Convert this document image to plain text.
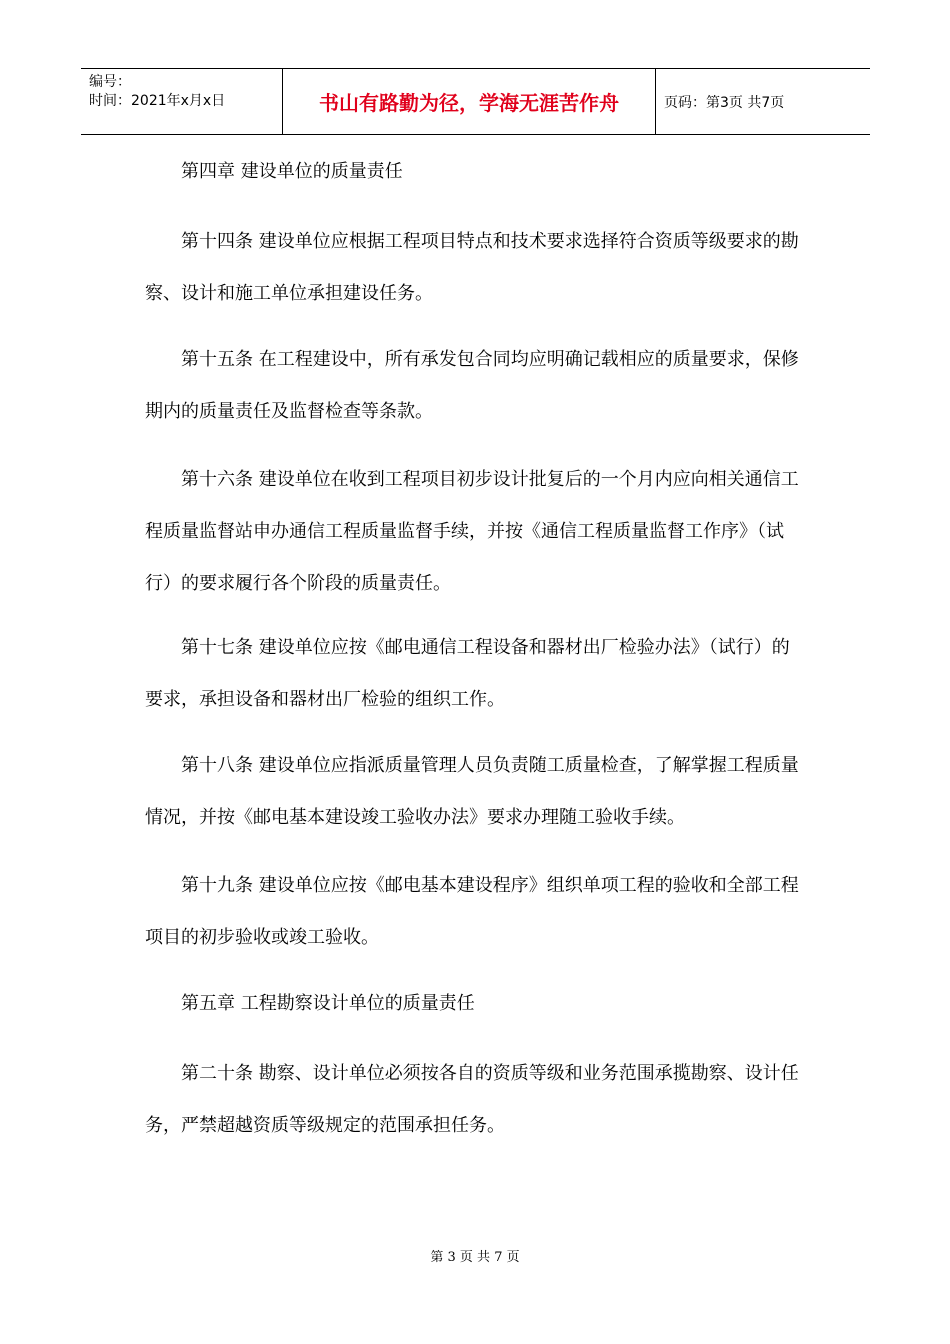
编号：
时间：2021年x月x日	书山有路勤为径，学海无涯苦作舟	页码：第3页 共7页

第四章 建设单位的质量责任

第十四条 建设单位应根据工程项目特点和技术要求选择符合资质等级要求的勘察、设计和施工单位承担建设任务。

第十五条 在工程建设中，所有承发包合同均应明确记载相应的质量要求，保修期内的质量责任及监督检查等条款。

第十六条 建设单位在收到工程项目初步设计批复后的一个月内应向相关通信工程质量监督站申办通信工程质量监督手续，并按《通信工程质量监督工作序》（试行）的要求履行各个阶段的质量责任。

第十七条 建设单位应按《邮电通信工程设备和器材出厂检验办法》（试行）的要求，承担设备和器材出厂检验的组织工作。

第十八条 建设单位应指派质量管理人员负责随工质量检查，了解掌握工程质量情况，并按《邮电基本建设竣工验收办法》要求办理随工验收手续。

第十九条 建设单位应按《邮电基本建设程序》组织单项工程的验收和全部工程项目的初步验收或竣工验收。

第五章 工程勘察设计单位的质量责任

第二十条 勘察、设计单位必须按各自的资质等级和业务范围承揽勘察、设计任务，严禁超越资质等级规定的范围承担任务。

第 3 页 共 7 页
